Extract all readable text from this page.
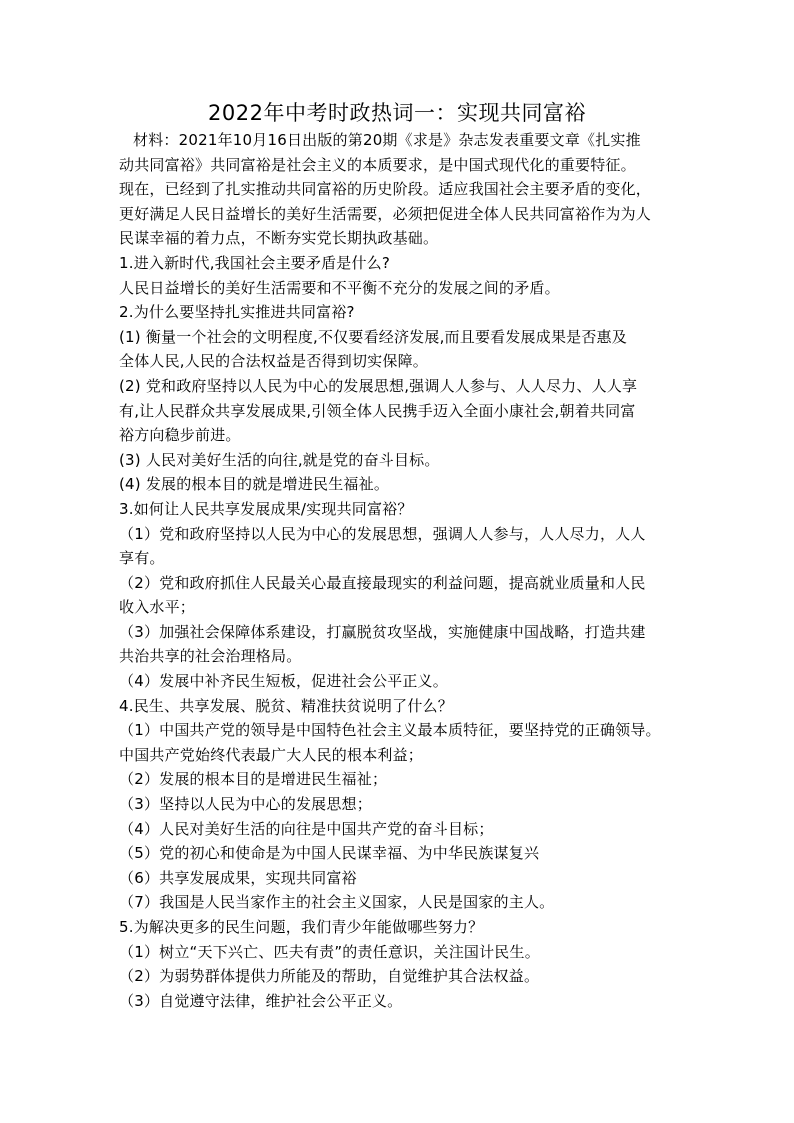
2022年中考时政热词一：实现共同富裕
材料：2021年10月16日出版的第20期《求是》杂志发表重要文章《扎实推
动共同富裕》共同富裕是社会主义的本质要求，是中国式现代化的重要特征。
现在，已经到了扎实推动共同富裕的历史阶段。适应我国社会主要矛盾的变化，
更好满足人民日益增长的美好生活需要，必须把促进全体人民共同富裕作为为人
民谋幸福的着力点，不断夯实党长期执政基础。
1.进入新时代,我国社会主要矛盾是什么?
人民日益增长的美好生活需要和不平衡不充分的发展之间的矛盾。
2.为什么要坚持扎实推进共同富裕?
(1) 衡量一个社会的文明程度,不仅要看经济发展,而且要看发展成果是否惠及
全体人民,人民的合法权益是否得到切实保障。
(2) 党和政府坚持以人民为中心的发展思想,强调人人参与、人人尽力、人人享
有,让人民群众共享发展成果,引领全体人民携手迈入全面小康社会,朝着共同富
裕方向稳步前进。
(3) 人民对美好生活的向往,就是党的奋斗目标。
(4) 发展的根本目的就是增进民生福祉。
3.如何让人民共享发展成果/实现共同富裕？
（1）党和政府坚持以人民为中心的发展思想，强调人人参与，人人尽力，人人
享有。
（2）党和政府抓住人民最关心最直接最现实的利益问题，提高就业质量和人民
收入水平；
（3）加强社会保障体系建设，打赢脱贫攻坚战，实施健康中国战略，打造共建
共治共享的社会治理格局。
（4）发展中补齐民生短板，促进社会公平正义。
4.民生、共享发展、脱贫、精准扶贫说明了什么？
（1）中国共产党的领导是中国特色社会主义最本质特征，要坚持党的正确领导。
中国共产党始终代表最广大人民的根本利益；
（2）发展的根本目的是增进民生福祉；
（3）坚持以人民为中心的发展思想；
（4）人民对美好生活的向往是中国共产党的奋斗目标；
（5）党的初心和使命是为中国人民谋幸福、为中华民族谋复兴
（6）共享发展成果，实现共同富裕
（7）我国是人民当家作主的社会主义国家，人民是国家的主人。
5.为解决更多的民生问题，我们青少年能做哪些努力？
（1）树立“天下兴亡、匹夫有责”的责任意识，关注国计民生。
（2）为弱势群体提供力所能及的帮助，自觉维护其合法权益。
（3）自觉遵守法律，维护社会公平正义。
